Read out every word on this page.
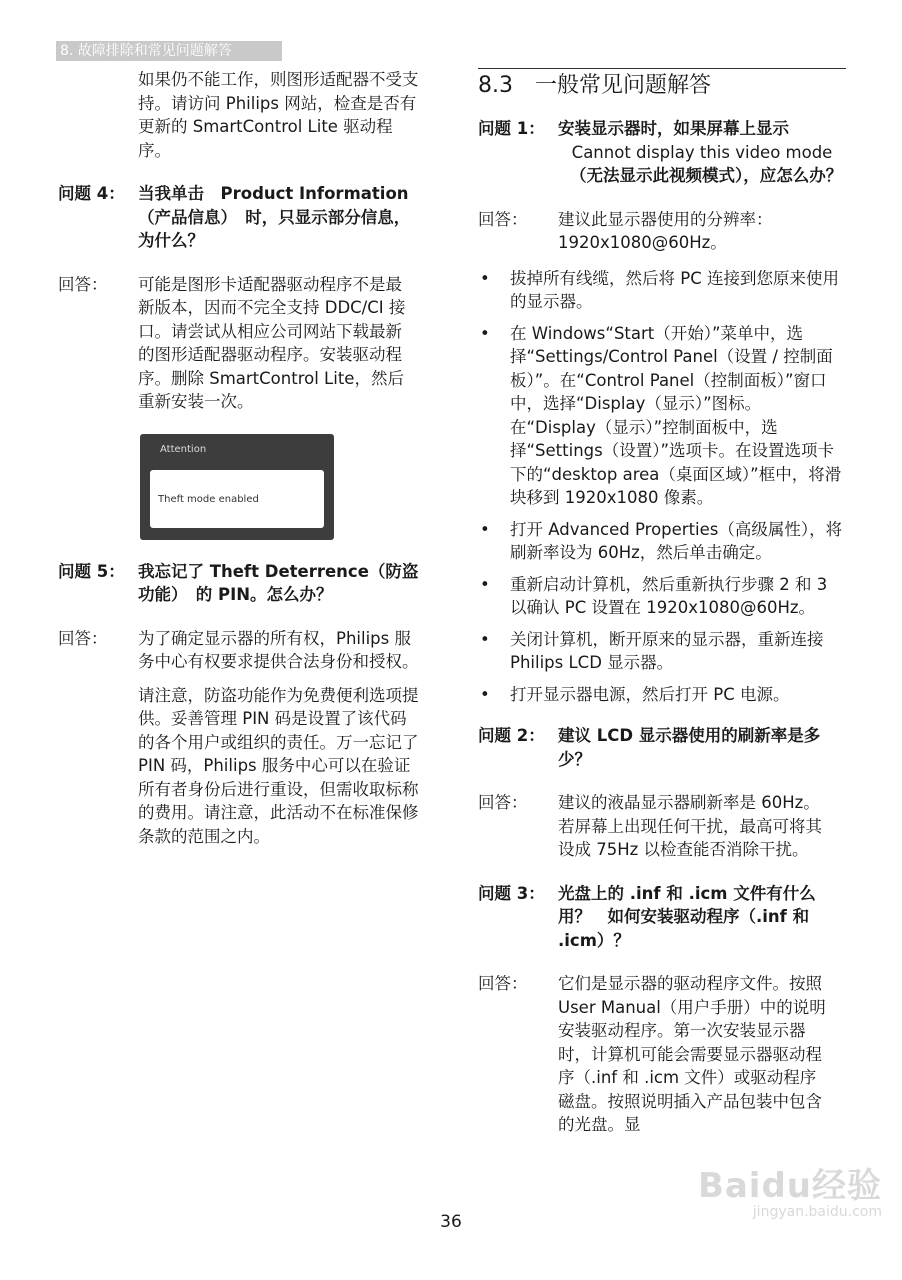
8. 故障排除和常见问题解答

如果仍不能工作，则图形适配器不受支持。请访问 Philips 网站，检查是否有更新的 SmartControl Lite 驱动程序。

问题 4： 当我单击　Product Information（产品信息）　时，只显示部分信息，为什么？
回答：	可能是图形卡适配器驱动程序不是最新版本，因而不完全支持 DDC/CI 接口。请尝试从相应公司网站下载最新的图形适配器驱动程序。安装驱动程序。删除 SmartControl Lite，然后重新安装一次。
Attention
Theft mode enabled
问题 5： 我忘记了 Theft Deterrence（防盗功能）　的 PIN。怎么办？
回答：	为了确定显示器的所有权，Philips 服务中心有权要求提供合法身份和授权。

请注意，防盗功能作为免费便利选项提供。妥善管理 PIN 码是设置了该代码的各个用户或组织的责任。万一忘记了 PIN 码，Philips 服务中心可以在验证所有者身份后进行重设，但需收取标称的费用。请注意，此活动不在标准保修条款的范围之内。

8.3　一般常见问题解答
问题 1： 安装显示器时，如果屏幕上显示
Cannot display this video mode
（无法显示此视频模式），应怎么办？
回答：	建议此显示器使用的分辨率：1920x1080@60Hz。
• 拔掉所有线缆，然后将 PC 连接到您原来使用的显示器。
• 在 Windows“Start（开始）”菜单中，选择“Settings/Control Panel（设置 / 控制面板）”。在“Control Panel（控制面板）”窗口中，选择“Display（显示）”图标。在“Display（显示）”控制面板中，选择“Settings（设置）”选项卡。在设置选项卡下的“desktop area（桌面区域）”框中，将滑块移到 1920x1080 像素。
• 打开 Advanced Properties（高级属性），将刷新率设为 60Hz，然后单击确定。
• 重新启动计算机，然后重新执行步骤 2 和 3 以确认 PC 设置在 1920x1080@60Hz。
• 关闭计算机，断开原来的显示器，重新连接 Philips LCD 显示器。
• 打开显示器电源，然后打开 PC 电源。
问题 2： 建议 LCD 显示器使用的刷新率是多少？
回答：	建议的液晶显示器刷新率是 60Hz。若屏幕上出现任何干扰，最高可将其设成 75Hz 以检查能否消除干扰。
问题 3： 光盘上的 .inf 和 .icm 文件有什么用？　如何安装驱动程序（.inf 和 .icm）？
回答：	它们是显示器的驱动程序文件。按照 User Manual（用户手册）中的说明安装驱动程序。第一次安装显示器时，计算机可能会需要显示器驱动程序（.inf 和 .icm 文件）或驱动程序磁盘。按照说明插入产品包装中包含的光盘。显
36
Baidu经验
jingyan.baidu.com
